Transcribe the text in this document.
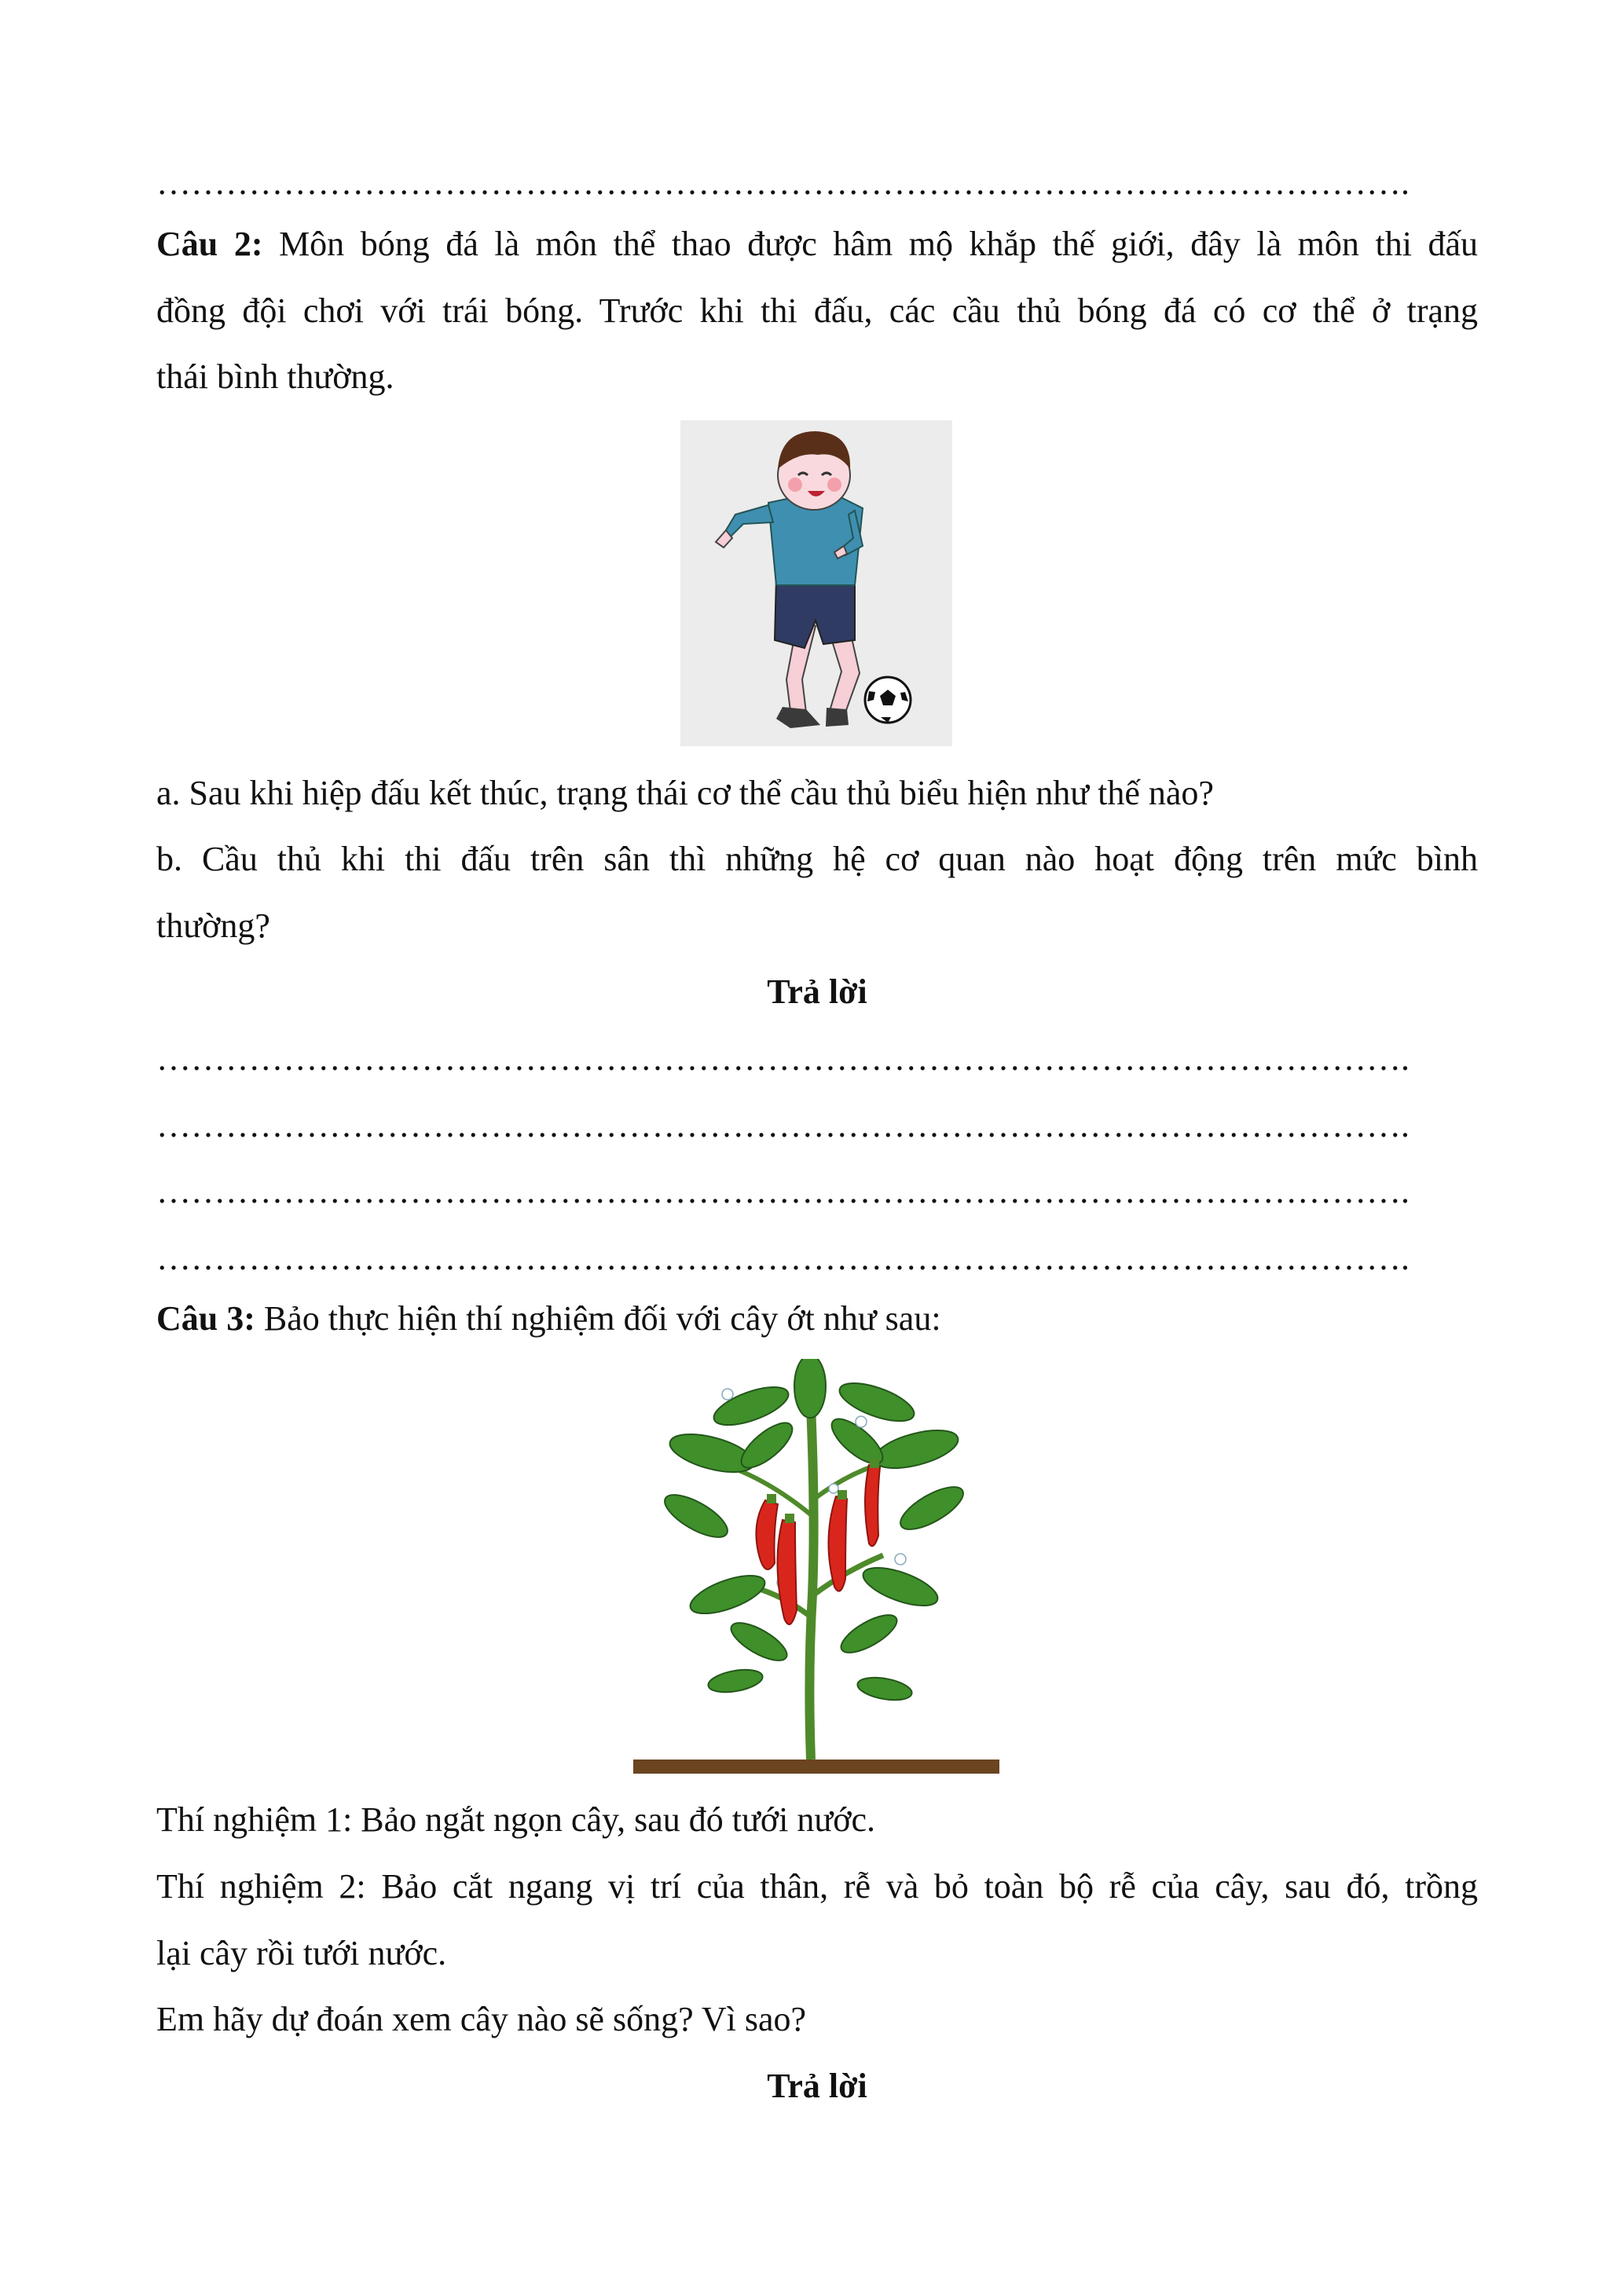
……………………………………………………………………………………………….
Câu 2: Môn bóng đá là môn thể thao được hâm mộ khắp thế giới, đây là môn thi đấu
đồng đội chơi với trái bóng. Trước khi thi đấu, các cầu thủ bóng đá có cơ thể ở trạng
thái bình thường.
a. Sau khi hiệp đấu kết thúc, trạng thái cơ thể cầu thủ biểu hiện như thế nào?
b. Cầu thủ khi thi đấu trên sân thì những hệ cơ quan nào hoạt động trên mức bình
thường?
Trả lời
……………………………………………………………………………………………….
……………………………………………………………………………………………….
……………………………………………………………………………………………….
……………………………………………………………………………………………….
Câu 3: Bảo thực hiện thí nghiệm đối với cây ớt như sau:
Thí nghiệm 1: Bảo ngắt ngọn cây, sau đó tưới nước.
Thí nghiệm 2: Bảo cắt ngang vị trí của thân, rễ và bỏ toàn bộ rễ của cây, sau đó, trồng
lại cây rồi tưới nước.
Em hãy dự đoán xem cây nào sẽ sống? Vì sao?
Trả lời
